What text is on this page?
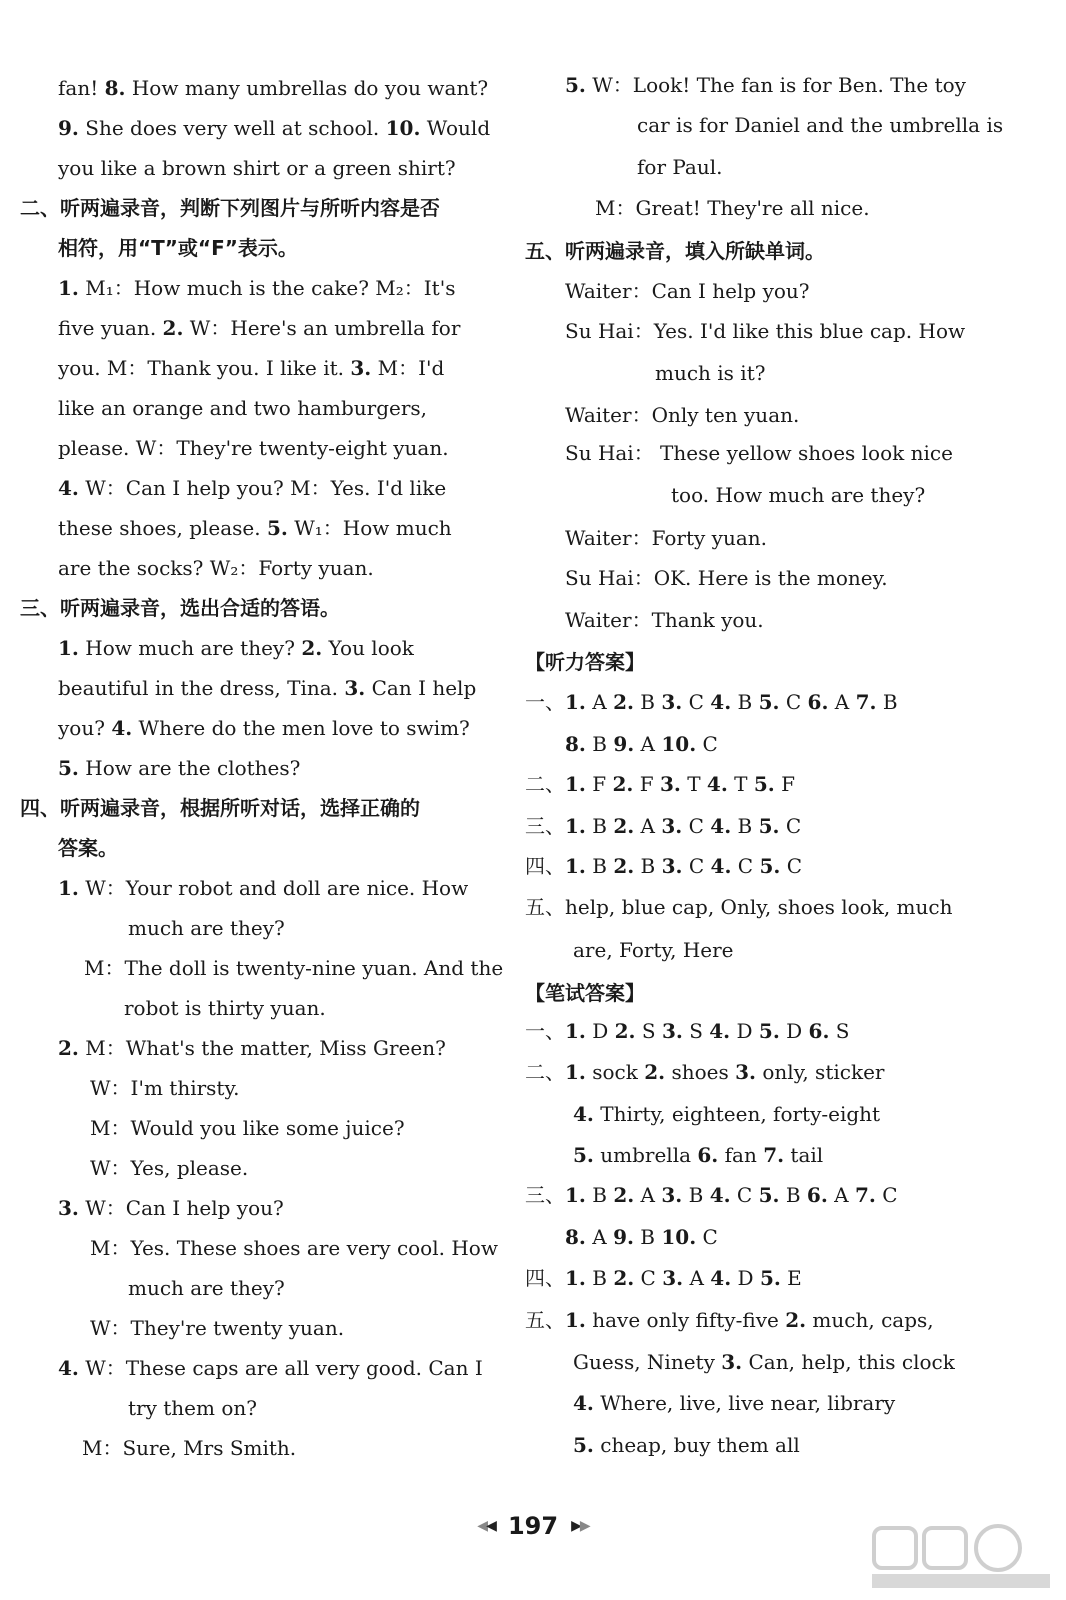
fan! 8. How many umbrellas do you want?
9. She does very well at school. 10. Would
you like a brown shirt or a green shirt?
二、听两遍录音，判断下列图片与所听内容是否
相符，用“T”或“F”表示。
1. M₁：How much is the cake? M₂：It's
five yuan. 2. W：Here's an umbrella for
you. M：Thank you. I like it. 3. M：I'd
like an orange and two hamburgers,
please. W：They're twenty-eight yuan.
4. W：Can I help you? M：Yes. I'd like
these shoes, please. 5. W₁：How much
are the socks? W₂：Forty yuan.
三、听两遍录音，选出合适的答语。
1. How much are they? 2. You look
beautiful in the dress, Tina. 3. Can I help
you? 4. Where do the men love to swim?
5. How are the clothes?
四、听两遍录音，根据所听对话，选择正确的
答案。
1. W：Your robot and doll are nice. How
much are they?
M：The doll is twenty-nine yuan. And the
robot is thirty yuan.
2. M：What's the matter, Miss Green?
W：I'm thirsty.
M：Would you like some juice?
W：Yes, please.
3. W：Can I help you?
M：Yes. These shoes are very cool. How
much are they?
W：They're twenty yuan.
4. W：These caps are all very good. Can I
try them on?
M：Sure, Mrs Smith.
5. W：Look! The fan is for Ben. The toy
car is for Daniel and the umbrella is
for Paul.
M：Great! They're all nice.
五、听两遍录音，填入所缺单词。
Waiter：Can I help you?
Su Hai：Yes. I'd like this blue cap. How
much is it?
Waiter：Only ten yuan.
Su Hai： These yellow shoes look nice
too. How much are they?
Waiter：Forty yuan.
Su Hai：OK. Here is the money.
Waiter：Thank you.
【听力答案】
一、1. A 2. B 3. C 4. B 5. C 6. A 7. B
8. B 9. A 10. C
二、1. F 2. F 3. T 4. T 5. F
三、1. B 2. A 3. C 4. B 5. C
四、1. B 2. B 3. C 4. C 5. C
五、help, blue cap, Only, shoes look, much
are, Forty, Here
【笔试答案】
一、1. D 2. S 3. S 4. D 5. D 6. S
二、1. sock 2. shoes 3. only, sticker
4. Thirty, eighteen, forty-eight
5. umbrella 6. fan 7. tail
三、1. B 2. A 3. B 4. C 5. B 6. A 7. C
8. A 9. B 10. C
四、1. B 2. C 3. A 4. D 5. E
五、1. have only fifty-five 2. much, caps,
Guess, Ninety 3. Can, help, this clock
4. Where, live, live near, library
5. cheap, buy them all
◀◀ 197 ▶▶
